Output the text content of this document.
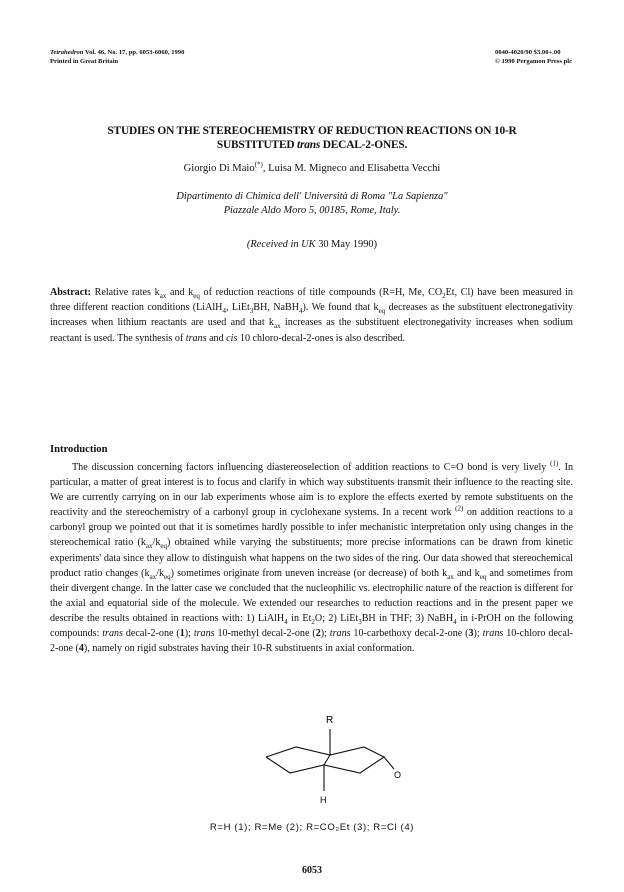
Tetrahedron Vol. 46, No. 17, pp. 6053-6060, 1990
Printed in Great Britain
0040-4020/90 $3.00+.00
© 1990 Pergamon Press plc
STUDIES ON THE STEREOCHEMISTRY OF REDUCTION REACTIONS ON 10-R
SUBSTITUTED trans DECAL-2-ONES.
Giorgio Di Maio(*), Luisa M. Migneco and Elisabetta Vecchi
Dipartimento di Chimica dell' Università di Roma "La Sapienza"
Piazzale Aldo Moro 5, 00185, Rome, Italy.
(Received in UK 30 May 1990)
Abstract: Relative rates $k_{ax}$ and $k_{eq}$ of reduction reactions of title compounds (R=H, Me, $CO_2Et$, Cl) have been measured in three different reaction conditions (LiAlH$_4$, LiEt$_3$BH, NaBH$_4$). We found that $k_{eq}$ decreases as the substituent electronegativity increases when lithium reactants are used and that $k_{ax}$ increases as the substituent electronegativity increases when sodium reactant is used. The synthesis of trans and cis 10 chloro-decal-2-ones is also described.
Introduction

The discussion concerning factors influencing diastereoselection of addition reactions to C=O bond is very lively $^{(1)}$. In particular, a matter of great interest is to focus and clarify in which way substituents transmit their influence to the reacting site. We are currently carrying on in our lab experiments whose aim is to explore the effects exerted by remote substituents on the reactivity and the stereochemistry of a carbonyl group in cyclohexane systems. In a recent work $^{(2)}$ on addition reactions to a carbonyl group we pointed out that it is sometimes hardly possible to infer mechanistic interpretation only using changes in the stereochemical ratio $(k_{ax}/k_{eq})$ obtained while varying the substituents; more precise informations can be drawn from kinetic experiments' data since they allow to distinguish what happens on the two sides of the ring. Our data showed that stereochemical product ratio changes $(k_{ax}/k_{eq})$ sometimes originate from uneven increase (or decrease) of both $k_{ax}$ and $k_{eq}$ and sometimes from their divergent change. In the latter case we concluded that the nucleophilic vs. electrophilic nature of the reaction is different for the axial and equatorial side of the molecule. We extended our researches to reduction reactions and in the present paper we describe the results obtained in reactions with: 1) LiAlH$_4$ in $Et_2O$; 2) LiEt$_3$BH in THF; 3) NaBH$_4$ in i-PrOH on the following compounds: trans decal-2-one (1); trans 10-methyl decal-2-one (2); trans 10-carbethoxy decal-2-one (3); trans 10-chloro decal-2-one (4), namely on rigid substrates having their 10-R substituents in axial conformation.

R
H
O
R=H (1); R=Me (2); R=CO₂Et (3); R=Cl (4)
6053
